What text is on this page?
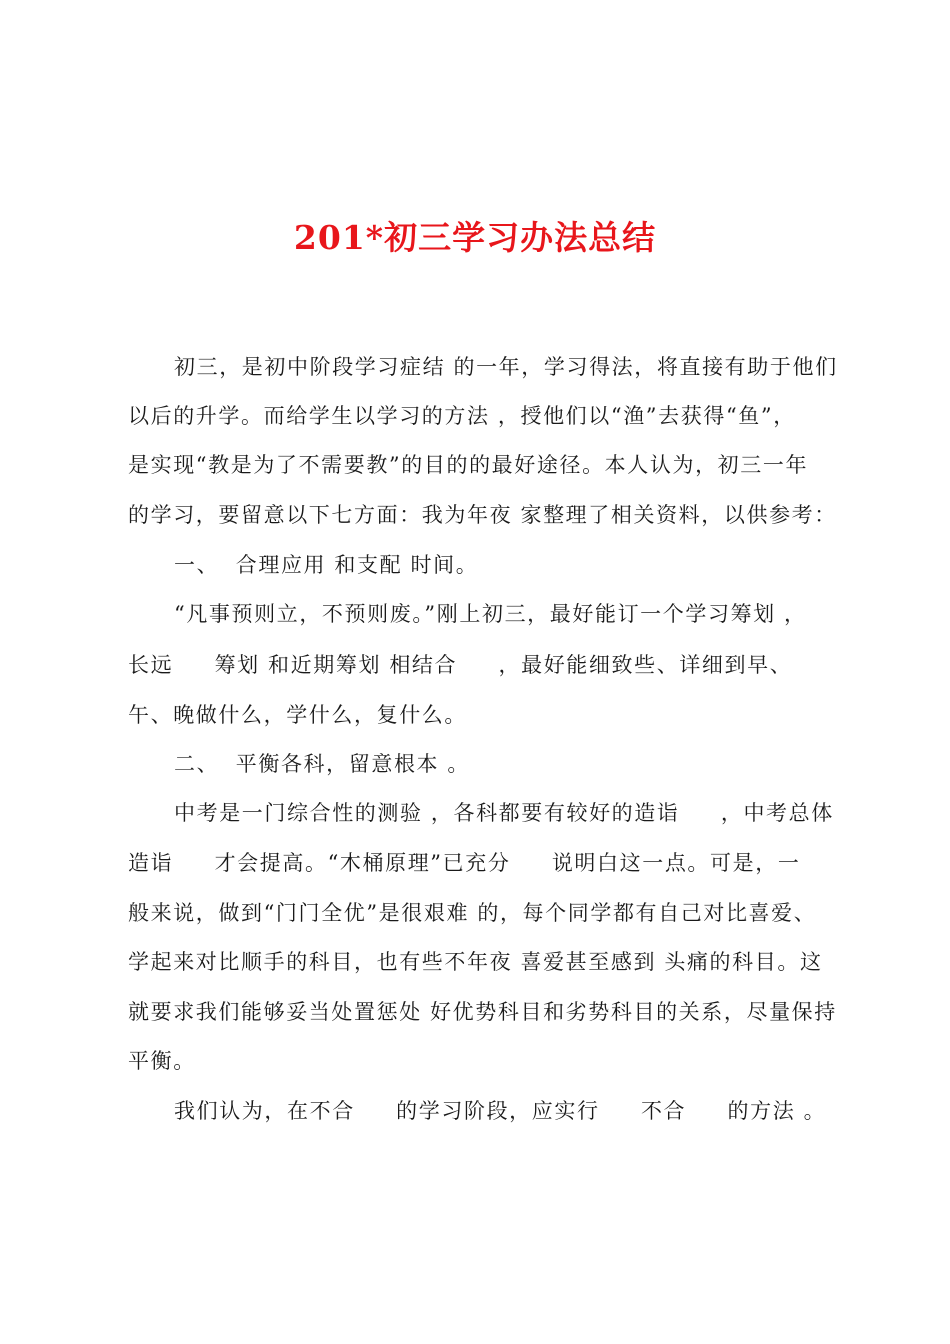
201*初三学习办法总结
初三，是初中阶段学习症结 的一年，学习得法，将直接有助于他们
以后的升学。而给学生以学习的方法 ，授他们以“渔”去获得“鱼”，
是实现“教是为了不需要教”的目的的最好途径。本人认为，初三一年
的学习，要留意以下七方面：我为年夜 家整理了相关资料，以供参考：
一、  合理应用 和支配 时间。
“凡事预则立，不预则废。”刚上初三，最好能订一个学习筹划 ，
长远     筹划 和近期筹划 相结合     ，最好能细致些、详细到早、
午、晚做什么，学什么，复什么。
二、  平衡各科，留意根本 。
中考是一门综合性的测验 ，各科都要有较好的造诣     ，中考总体
造诣     才会提高。“木桶原理”已充分     说明白这一点。可是，一
般来说，做到“门门全优”是很艰难 的，每个同学都有自己对比喜爱、
学起来对比顺手的科目，也有些不年夜 喜爱甚至感到 头痛的科目。这
就要求我们能够妥当处置惩处 好优势科目和劣势科目的关系，尽量保持
平衡。
我们认为，在不合     的学习阶段，应实行     不合     的方法 。
